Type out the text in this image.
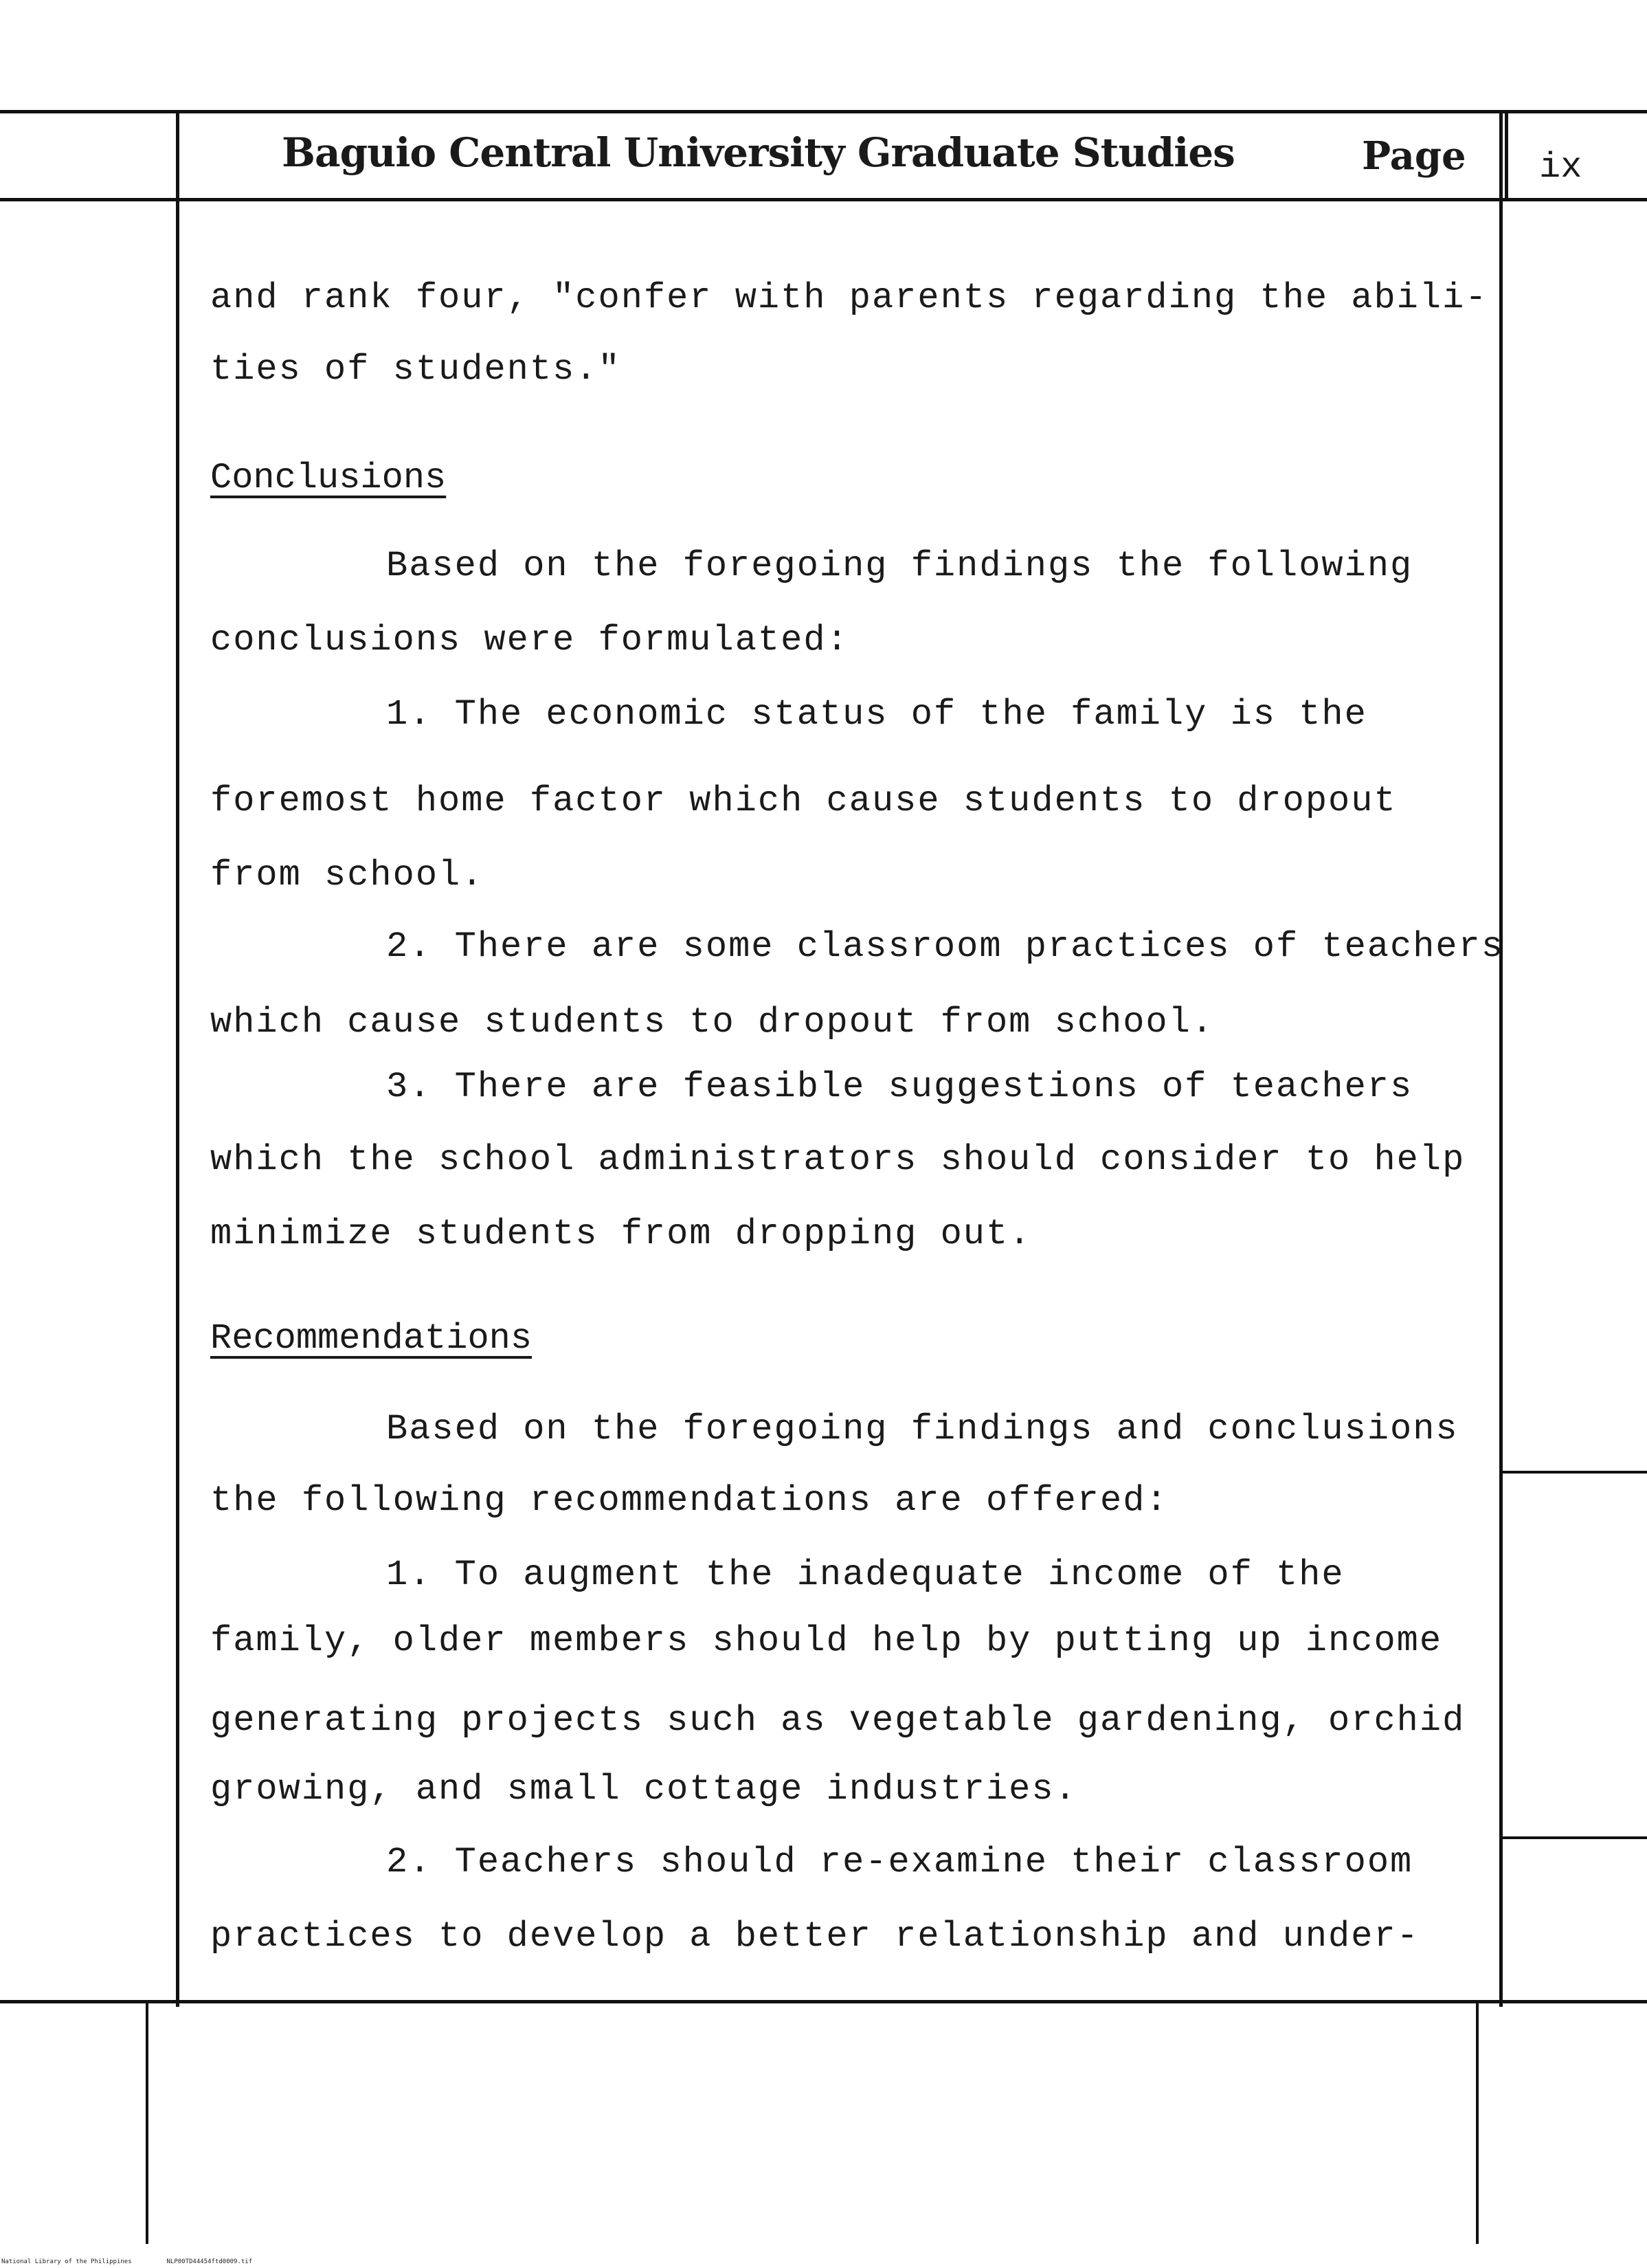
Baguio Central University Graduate Studies	Page ix
and rank four, "confer with parents regarding the abili-
ties of students."
Conclusions
Based on the foregoing findings the following
conclusions were formulated:
1. The economic status of the family is the
foremost home factor which cause students to dropout
from school.
2. There are some classroom practices of teachers
which cause students to dropout from school.
3. There are feasible suggestions of teachers
which the school administrators should consider to help
minimize students from dropping out.
Recommendations
Based on the foregoing findings and conclusions
the following recommendations are offered:
1. To augment the inadequate income of the
family, older members should help by putting up income
generating projects such as vegetable gardening, orchid
growing, and small cottage industries.
2. Teachers should re-examine their classroom
practices to develop a better relationship and under-
National Library of the Philippines	NLP00TD44454ftd0009.tif
